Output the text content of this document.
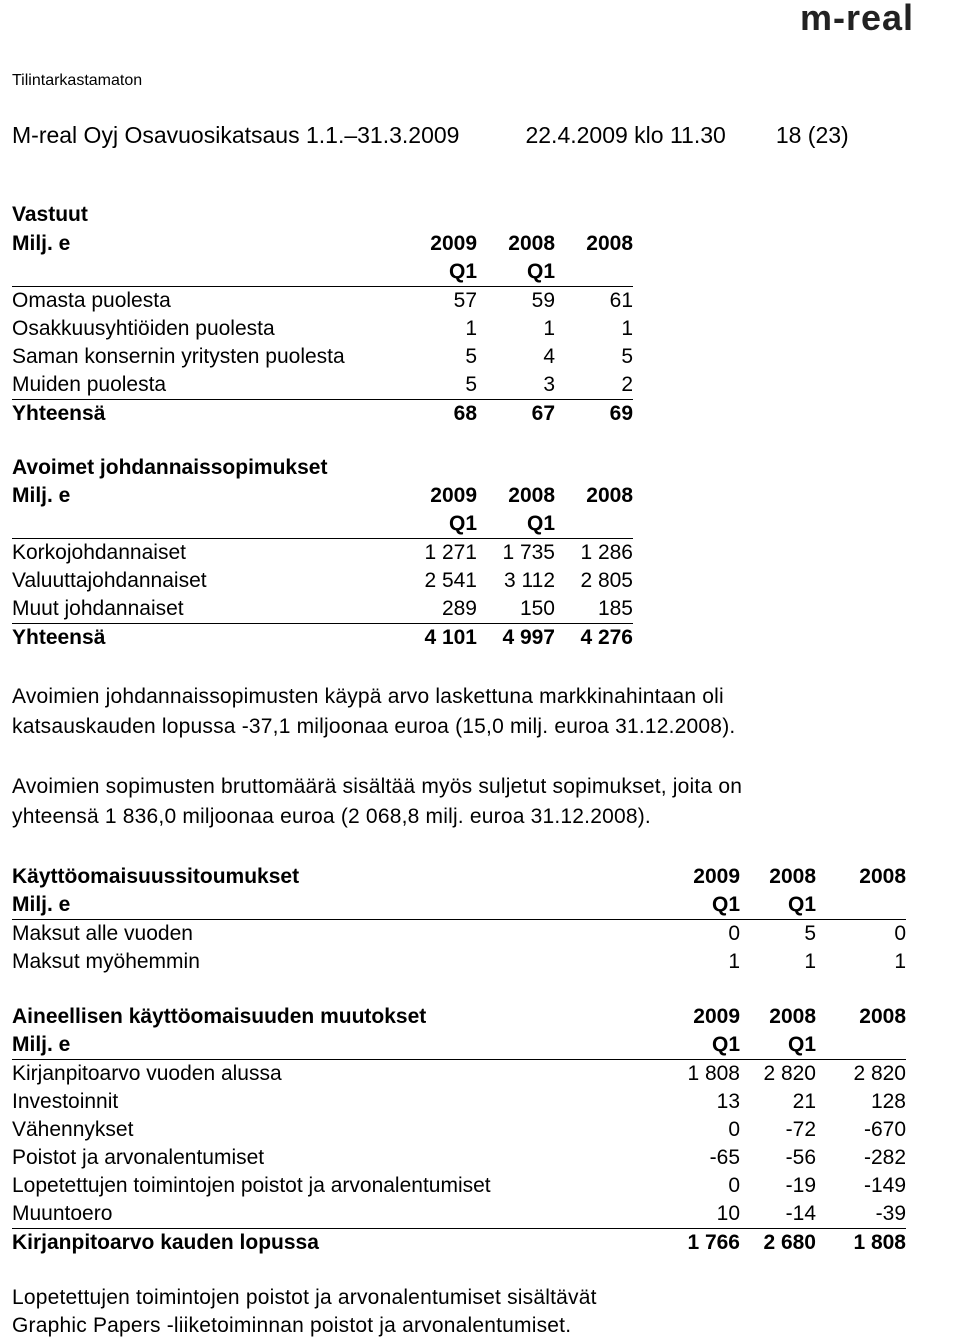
m-real
Tilintarkastamaton
M-real Oyj Osavuosikatsaus 1.1.–31.3.2009	22.4.2009 klo 11.30 18 (23)
Vastuut
Milj. e	2009	2008	2008
	Q1	Q1	
Omasta puolesta	57	59	61
Osakkuusyhtiöiden puolesta	1	1	1
Saman konsernin yritysten puolesta	5	4	5
Muiden puolesta	5	3	2
Yhteensä	68	67	69
Avoimet johdannaissopimukset
Milj. e	2009	2008	2008
	Q1	Q1	
Korkojohdannaiset	1 271	1 735	1 286
Valuuttajohdannaiset	2 541	3 112	2 805
Muut johdannaiset	289	150	185
Yhteensä	4 101	4 997	4 276
Avoimien johdannaissopimusten käypä arvo laskettuna markkinahintaan oli
katsauskauden lopussa -37,1 miljoonaa euroa (15,0 milj. euroa 31.12.2008).
Avoimien sopimusten bruttomäärä sisältää myös suljetut sopimukset, joita on
yhteensä 1 836,0 miljoonaa euroa (2 068,8 milj. euroa 31.12.2008).
Käyttöomaisuussitoumukset	2009	2008	2008
Milj. e	Q1	Q1	
Maksut alle vuoden	0	5	0
Maksut myöhemmin	1	1	1
Aineellisen käyttöomaisuuden muutokset	2009	2008	2008
Milj. e	Q1	Q1	
Kirjanpitoarvo vuoden alussa	1 808	2 820	2 820
Investoinnit	13	21	128
Vähennykset	0	-72	-670
Poistot ja arvonalentumiset	-65	-56	-282
Lopetettujen toimintojen poistot ja arvonalentumiset	0	-19	-149
Muuntoero	10	-14	-39
Kirjanpitoarvo kauden lopussa	1 766	2 680	1 808
Lopetettujen toimintojen poistot ja arvonalentumiset sisältävät
Graphic Papers -liiketoiminnan poistot ja arvonalentumiset.
